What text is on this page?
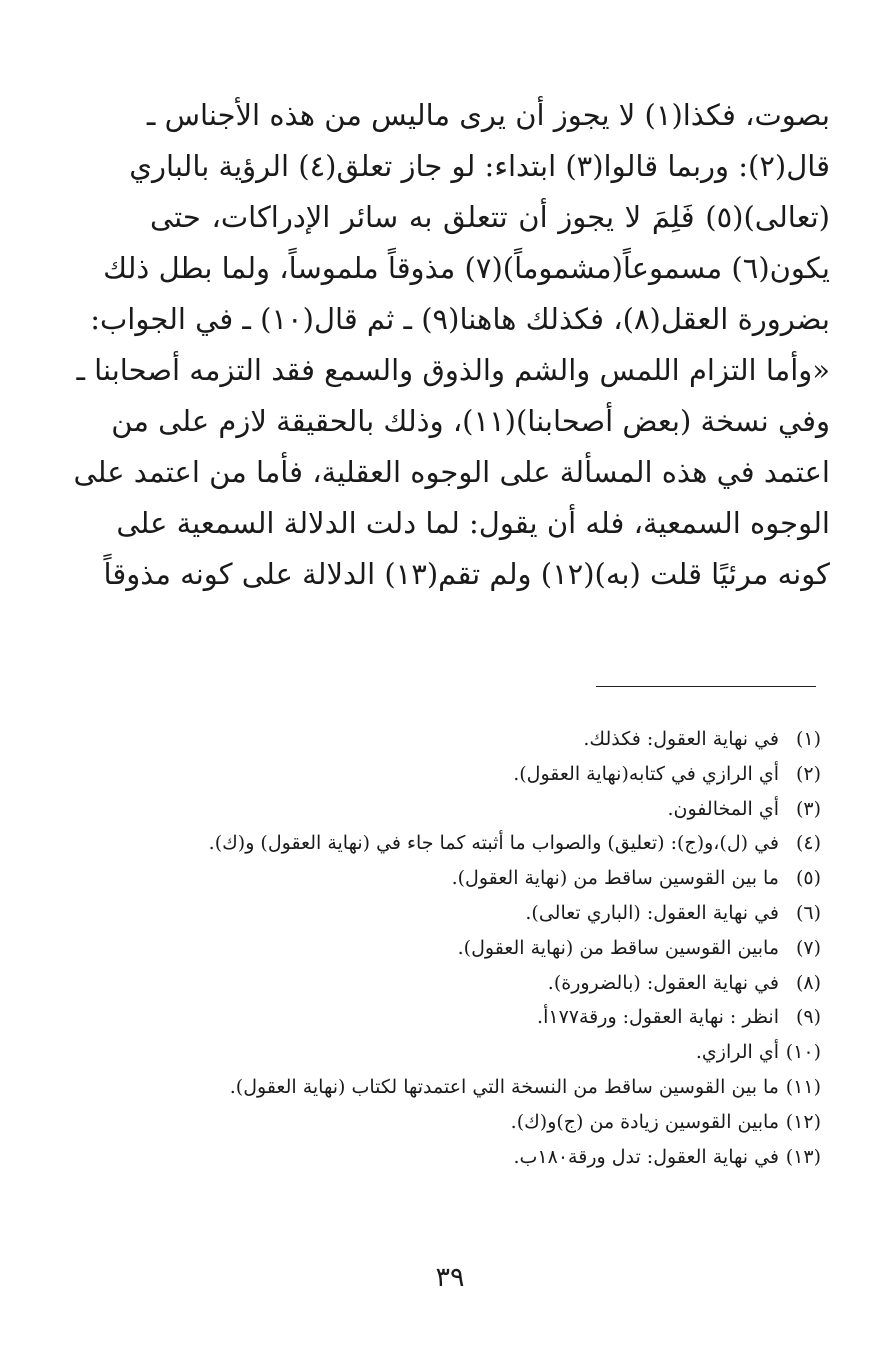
بصوت، فكذا(١) لا يجوز أن يرى ماليس من هذه الأجناس ـ
قال(٢): وربما قالوا(٣) ابتداء: لو جاز تعلق(٤) الرؤية بالباري
(تعالى)(٥) فَلِمَ لا يجوز أن تتعلق به سائر الإدراكات، حتى
يكون(٦) مسموعاً(مشموماً)(٧) مذوقاً ملموساً، ولما بطل ذلك
بضرورة العقل(٨)، فكذلك هاهنا(٩) ـ ثم قال(١٠) ـ في الجواب:
«وأما التزام اللمس والشم والذوق والسمع فقد التزمه أصحابنا ـ
وفي نسخة (بعض أصحابنا)(١١)، وذلك بالحقيقة لازم على من
اعتمد في هذه المسألة على الوجوه العقلية، فأما من اعتمد على
الوجوه السمعية، فله أن يقول: لما دلت الدلالة السمعية على
كونه مرئيًا قلت (به)(١٢) ولم تقم(١٣) الدلالة على كونه مذوقاً
(١)
في نهاية العقول: فكذلك.
(٢)
أي الرازي في كتابه(نهاية العقول).
(٣)
أي المخالفون.
(٤)
في (ل)،و(ج): (تعليق) والصواب ما أثبته كما جاء في (نهاية العقول) و(ك).
(٥)
ما بين القوسين ساقط من (نهاية العقول).
(٦)
في نهاية العقول: (الباري تعالى).
(٧)
مابين القوسين ساقط من (نهاية العقول).
(٨)
في نهاية العقول: (بالضرورة).
(٩)
انظر : نهاية العقول: ورقة١٧٧أ.
(١٠)
أي الرازي.
(١١)
ما بين القوسين ساقط من النسخة التي اعتمدتها لكتاب (نهاية العقول).
(١٢)
مابين القوسين زيادة من (ج)و(ك).
(١٣)
في نهاية العقول: تدل ورقة١٨٠ب.
٣٩
